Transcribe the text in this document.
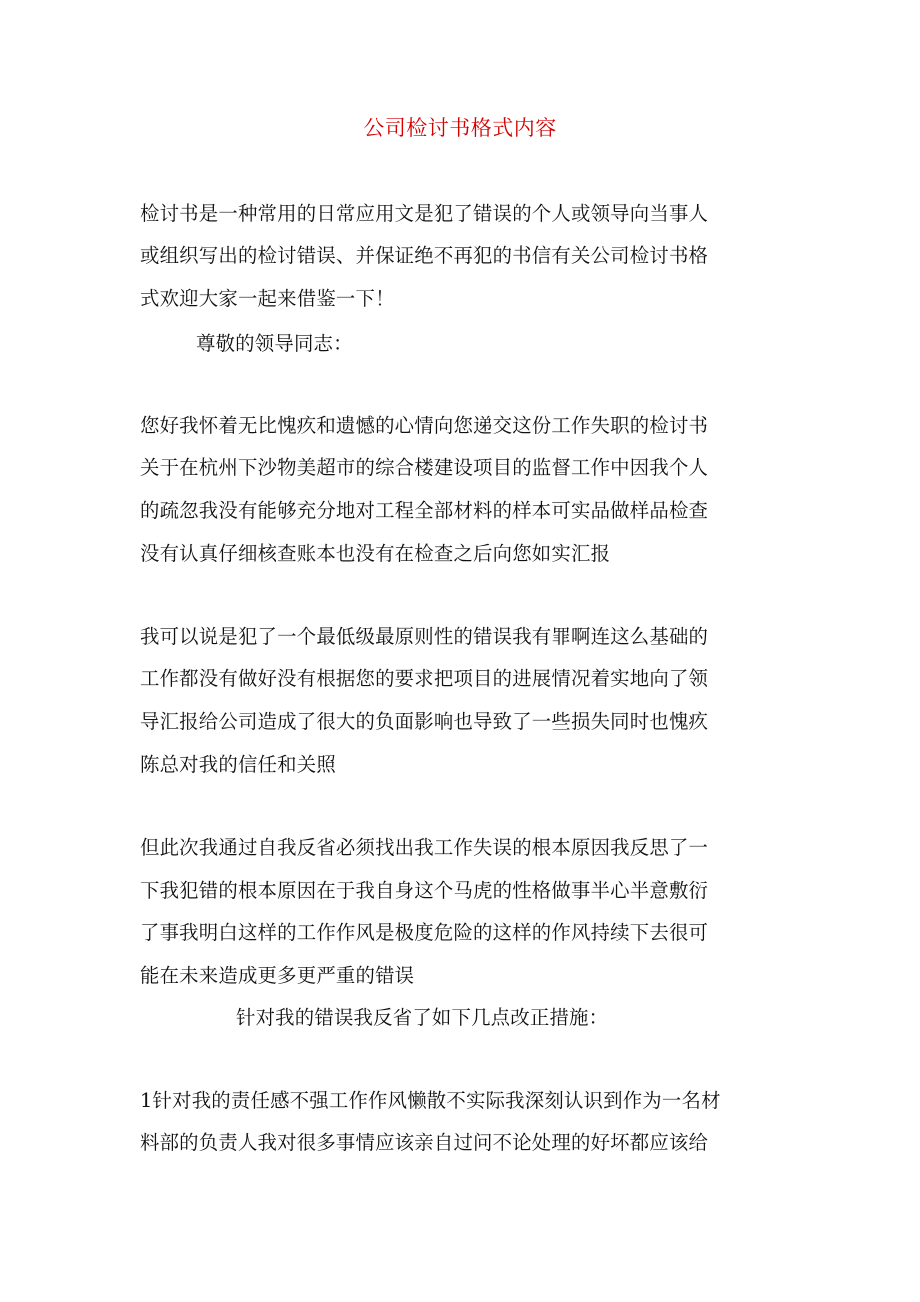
公司检讨书格式内容
检讨书是一种常用的日常应用文是犯了错误的个人或领导向当事人
或组织写出的检讨错误、并保证绝不再犯的书信有关公司检讨书格
式欢迎大家一起来借鉴一下！
尊敬的领导同志：
您好我怀着无比愧疚和遗憾的心情向您递交这份工作失职的检讨书
关于在杭州下沙物美超市的综合楼建设项目的监督工作中因我个人
的疏忽我没有能够充分地对工程全部材料的样本可实品做样品检查
没有认真仔细核查账本也没有在检查之后向您如实汇报
我可以说是犯了一个最低级最原则性的错误我有罪啊连这么基础的
工作都没有做好没有根据您的要求把项目的进展情况着实地向了领
导汇报给公司造成了很大的负面影响也导致了一些损失同时也愧疚
陈总对我的信任和关照
但此次我通过自我反省必须找出我工作失误的根本原因我反思了一
下我犯错的根本原因在于我自身这个马虎的性格做事半心半意敷衍
了事我明白这样的工作作风是极度危险的这样的作风持续下去很可
能在未来造成更多更严重的错误
针对我的错误我反省了如下几点改正措施：
1针对我的责任感不强工作作风懒散不实际我深刻认识到作为一名材
料部的负责人我对很多事情应该亲自过问不论处理的好坏都应该给
